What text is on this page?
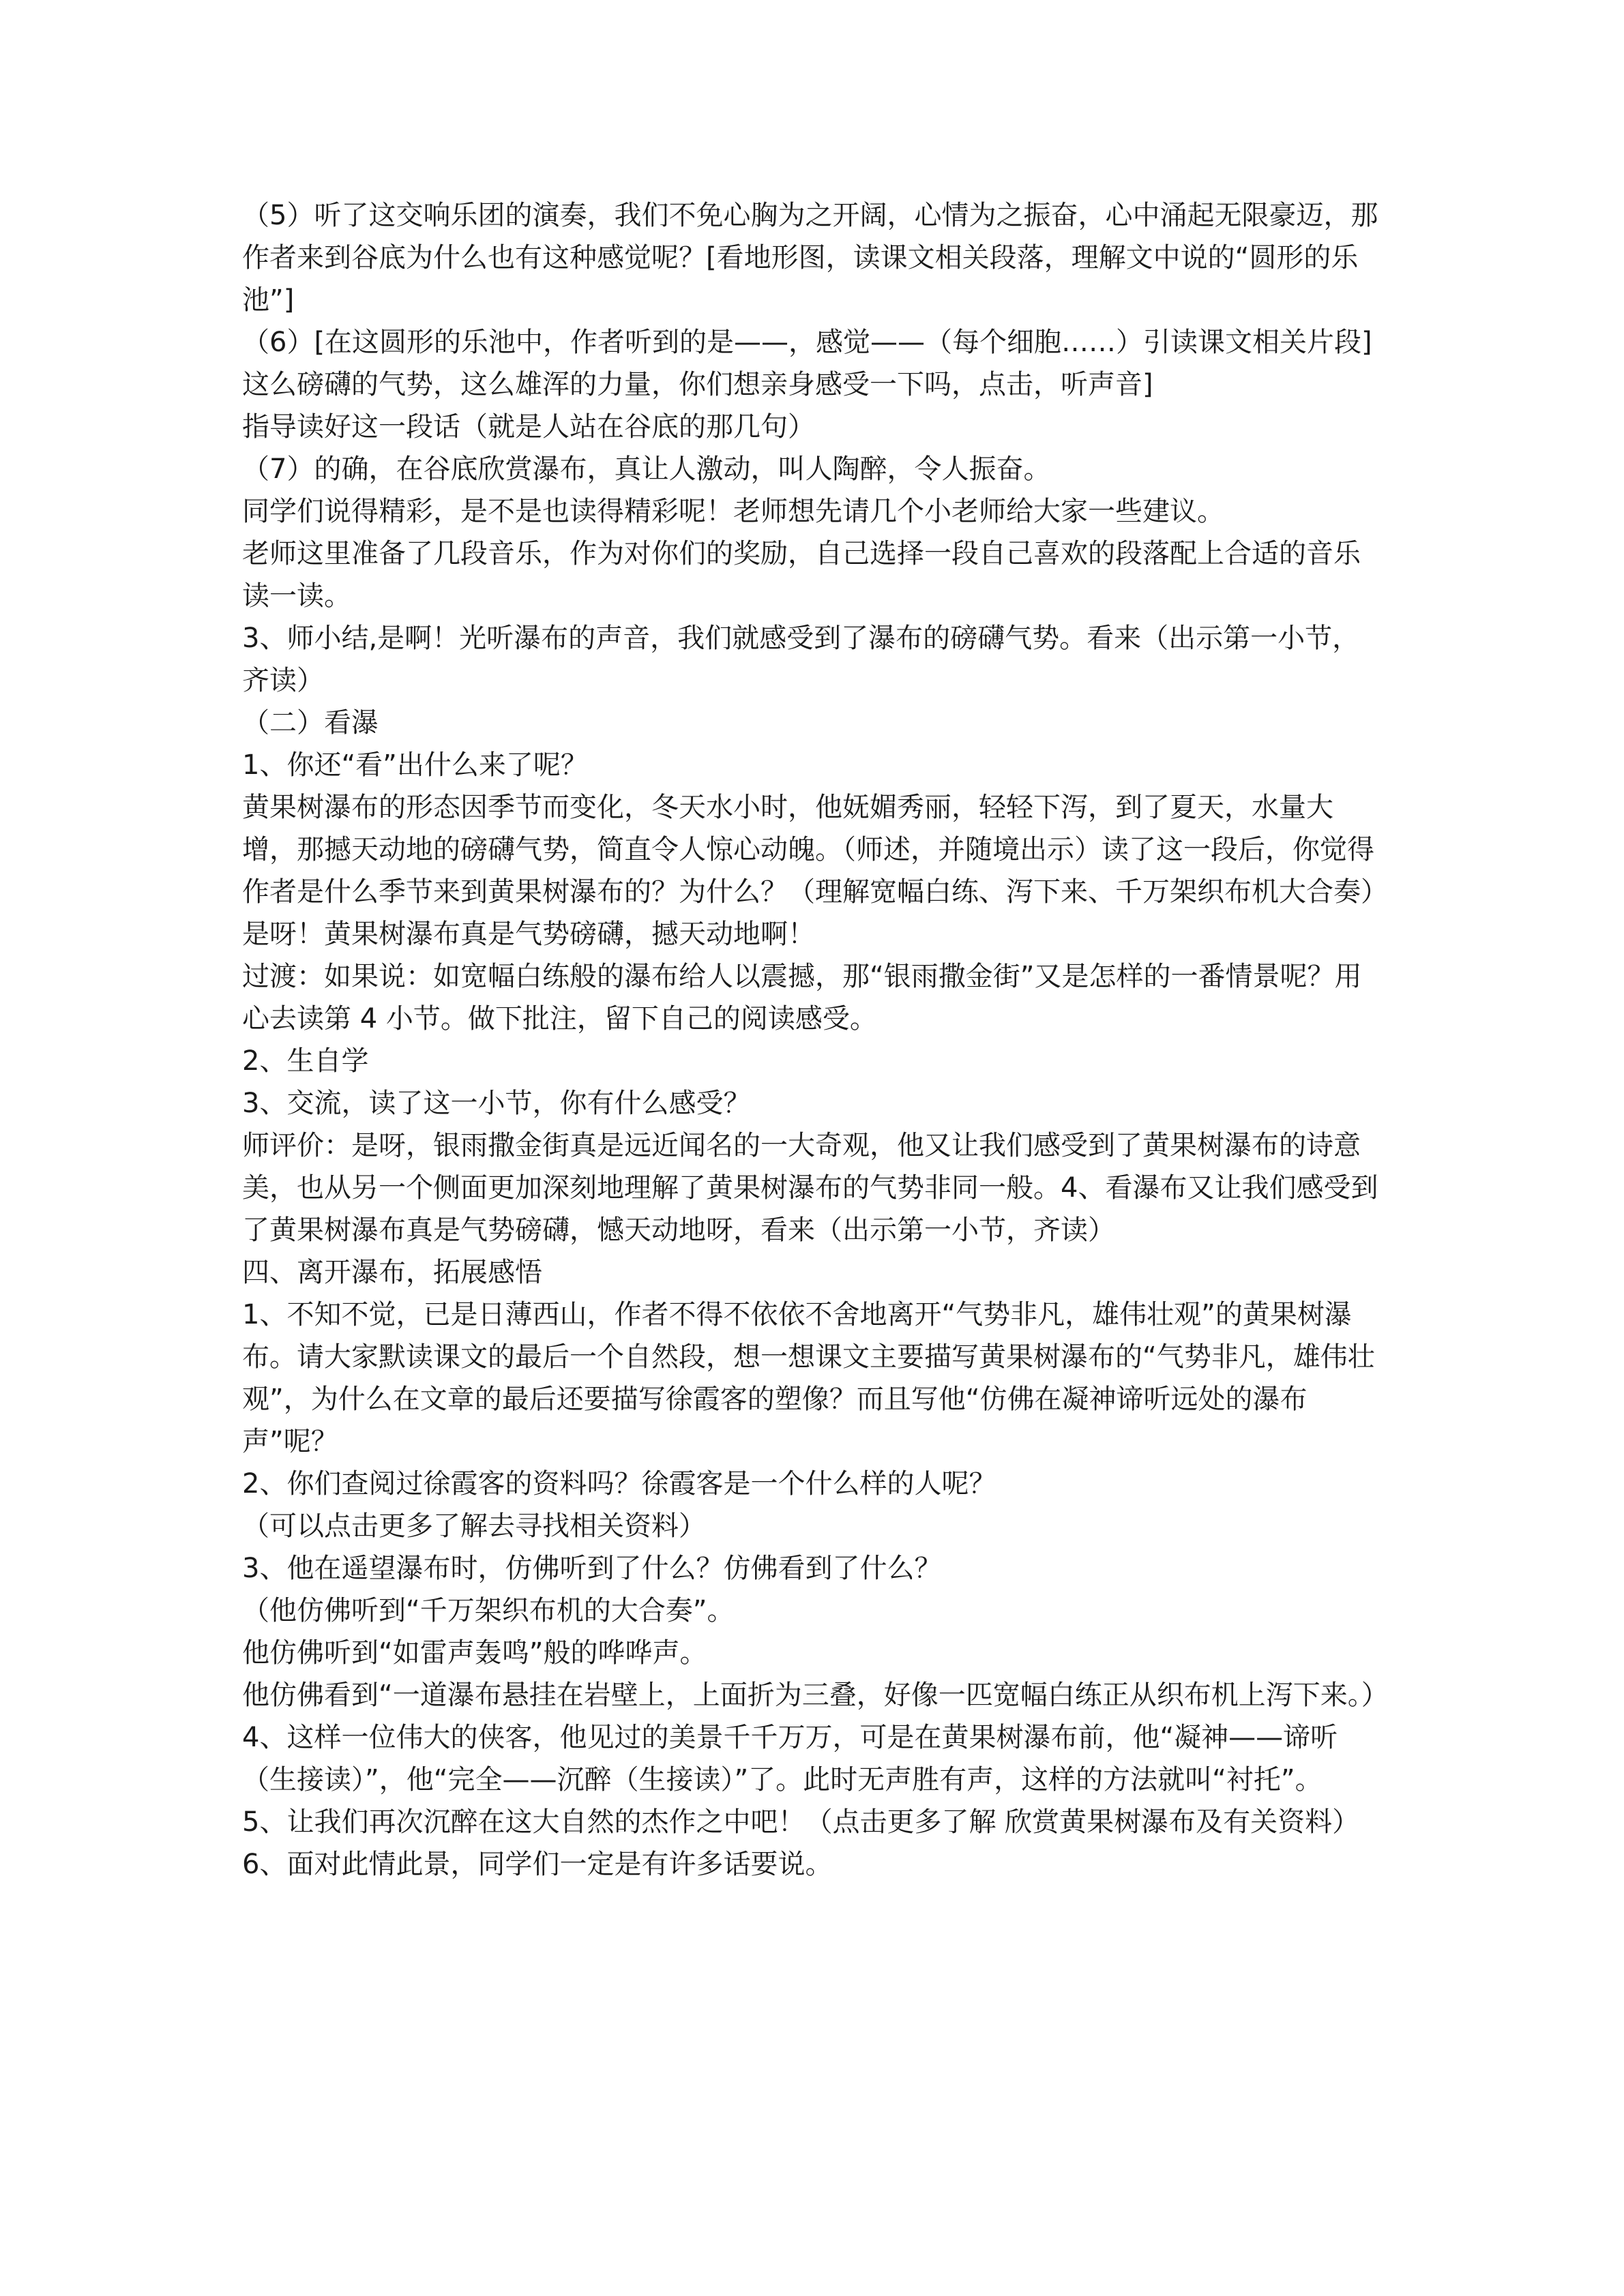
（5）听了这交响乐团的演奏，我们不免心胸为之开阔，心情为之振奋，心中涌起无限豪迈，那作者来到谷底为什么也有这种感觉呢？[看地形图，读课文相关段落，理解文中说的“圆形的乐池”]

（6）[在这圆形的乐池中，作者听到的是——，感觉——（每个细胞……）引读课文相关片段]这么磅礴的气势，这么雄浑的力量，你们想亲身感受一下吗，点击，听声音]

指导读好这一段话（就是人站在谷底的那几句）

（7）的确，在谷底欣赏瀑布，真让人激动，叫人陶醉，令人振奋。

同学们说得精彩，是不是也读得精彩呢！老师想先请几个小老师给大家一些建议。

老师这里准备了几段音乐，作为对你们的奖励，自己选择一段自己喜欢的段落配上合适的音乐读一读。

3、师小结,是啊！光听瀑布的声音，我们就感受到了瀑布的磅礴气势。看来（出示第一小节，齐读）

（二）看瀑

1、你还“看”出什么来了呢？

黄果树瀑布的形态因季节而变化，冬天水小时，他妩媚秀丽，轻轻下泻，到了夏天，水量大增，那撼天动地的磅礴气势，简直令人惊心动魄。（师述，并随境出示）读了这一段后，你觉得作者是什么季节来到黄果树瀑布的？为什么？（理解宽幅白练、泻下来、千万架织布机大合奏）

是呀！黄果树瀑布真是气势磅礴，撼天动地啊！

过渡：如果说：如宽幅白练般的瀑布给人以震撼，那“银雨撒金街”又是怎样的一番情景呢？用心去读第 4 小节。做下批注，留下自己的阅读感受。

2、生自学

3、交流，读了这一小节，你有什么感受？

师评价：是呀，银雨撒金街真是远近闻名的一大奇观，他又让我们感受到了黄果树瀑布的诗意美，也从另一个侧面更加深刻地理解了黄果树瀑布的气势非同一般。4、看瀑布又让我们感受到了黄果树瀑布真是气势磅礴，憾天动地呀，看来（出示第一小节，齐读）

四、离开瀑布，拓展感悟

1、不知不觉，已是日薄西山，作者不得不依依不舍地离开“气势非凡，雄伟壮观”的黄果树瀑布。请大家默读课文的最后一个自然段，想一想课文主要描写黄果树瀑布的“气势非凡，雄伟壮观”，为什么在文章的最后还要描写徐霞客的塑像？而且写他“仿佛在凝神谛听远处的瀑布声”呢？

2、你们查阅过徐霞客的资料吗？徐霞客是一个什么样的人呢？

（可以点击更多了解去寻找相关资料）

3、他在遥望瀑布时，仿佛听到了什么？仿佛看到了什么？

（他仿佛听到“千万架织布机的大合奏”。

他仿佛听到“如雷声轰鸣”般的哗哗声。

他仿佛看到“一道瀑布悬挂在岩壁上，上面折为三叠，好像一匹宽幅白练正从织布机上泻下来。）

4、这样一位伟大的侠客，他见过的美景千千万万，可是在黄果树瀑布前，他“凝神——谛听（生接读）”，他“完全——沉醉（生接读）”了。此时无声胜有声，这样的方法就叫“衬托”。

5、让我们再次沉醉在这大自然的杰作之中吧！（点击更多了解 欣赏黄果树瀑布及有关资料）

6、面对此情此景，同学们一定是有许多话要说。
